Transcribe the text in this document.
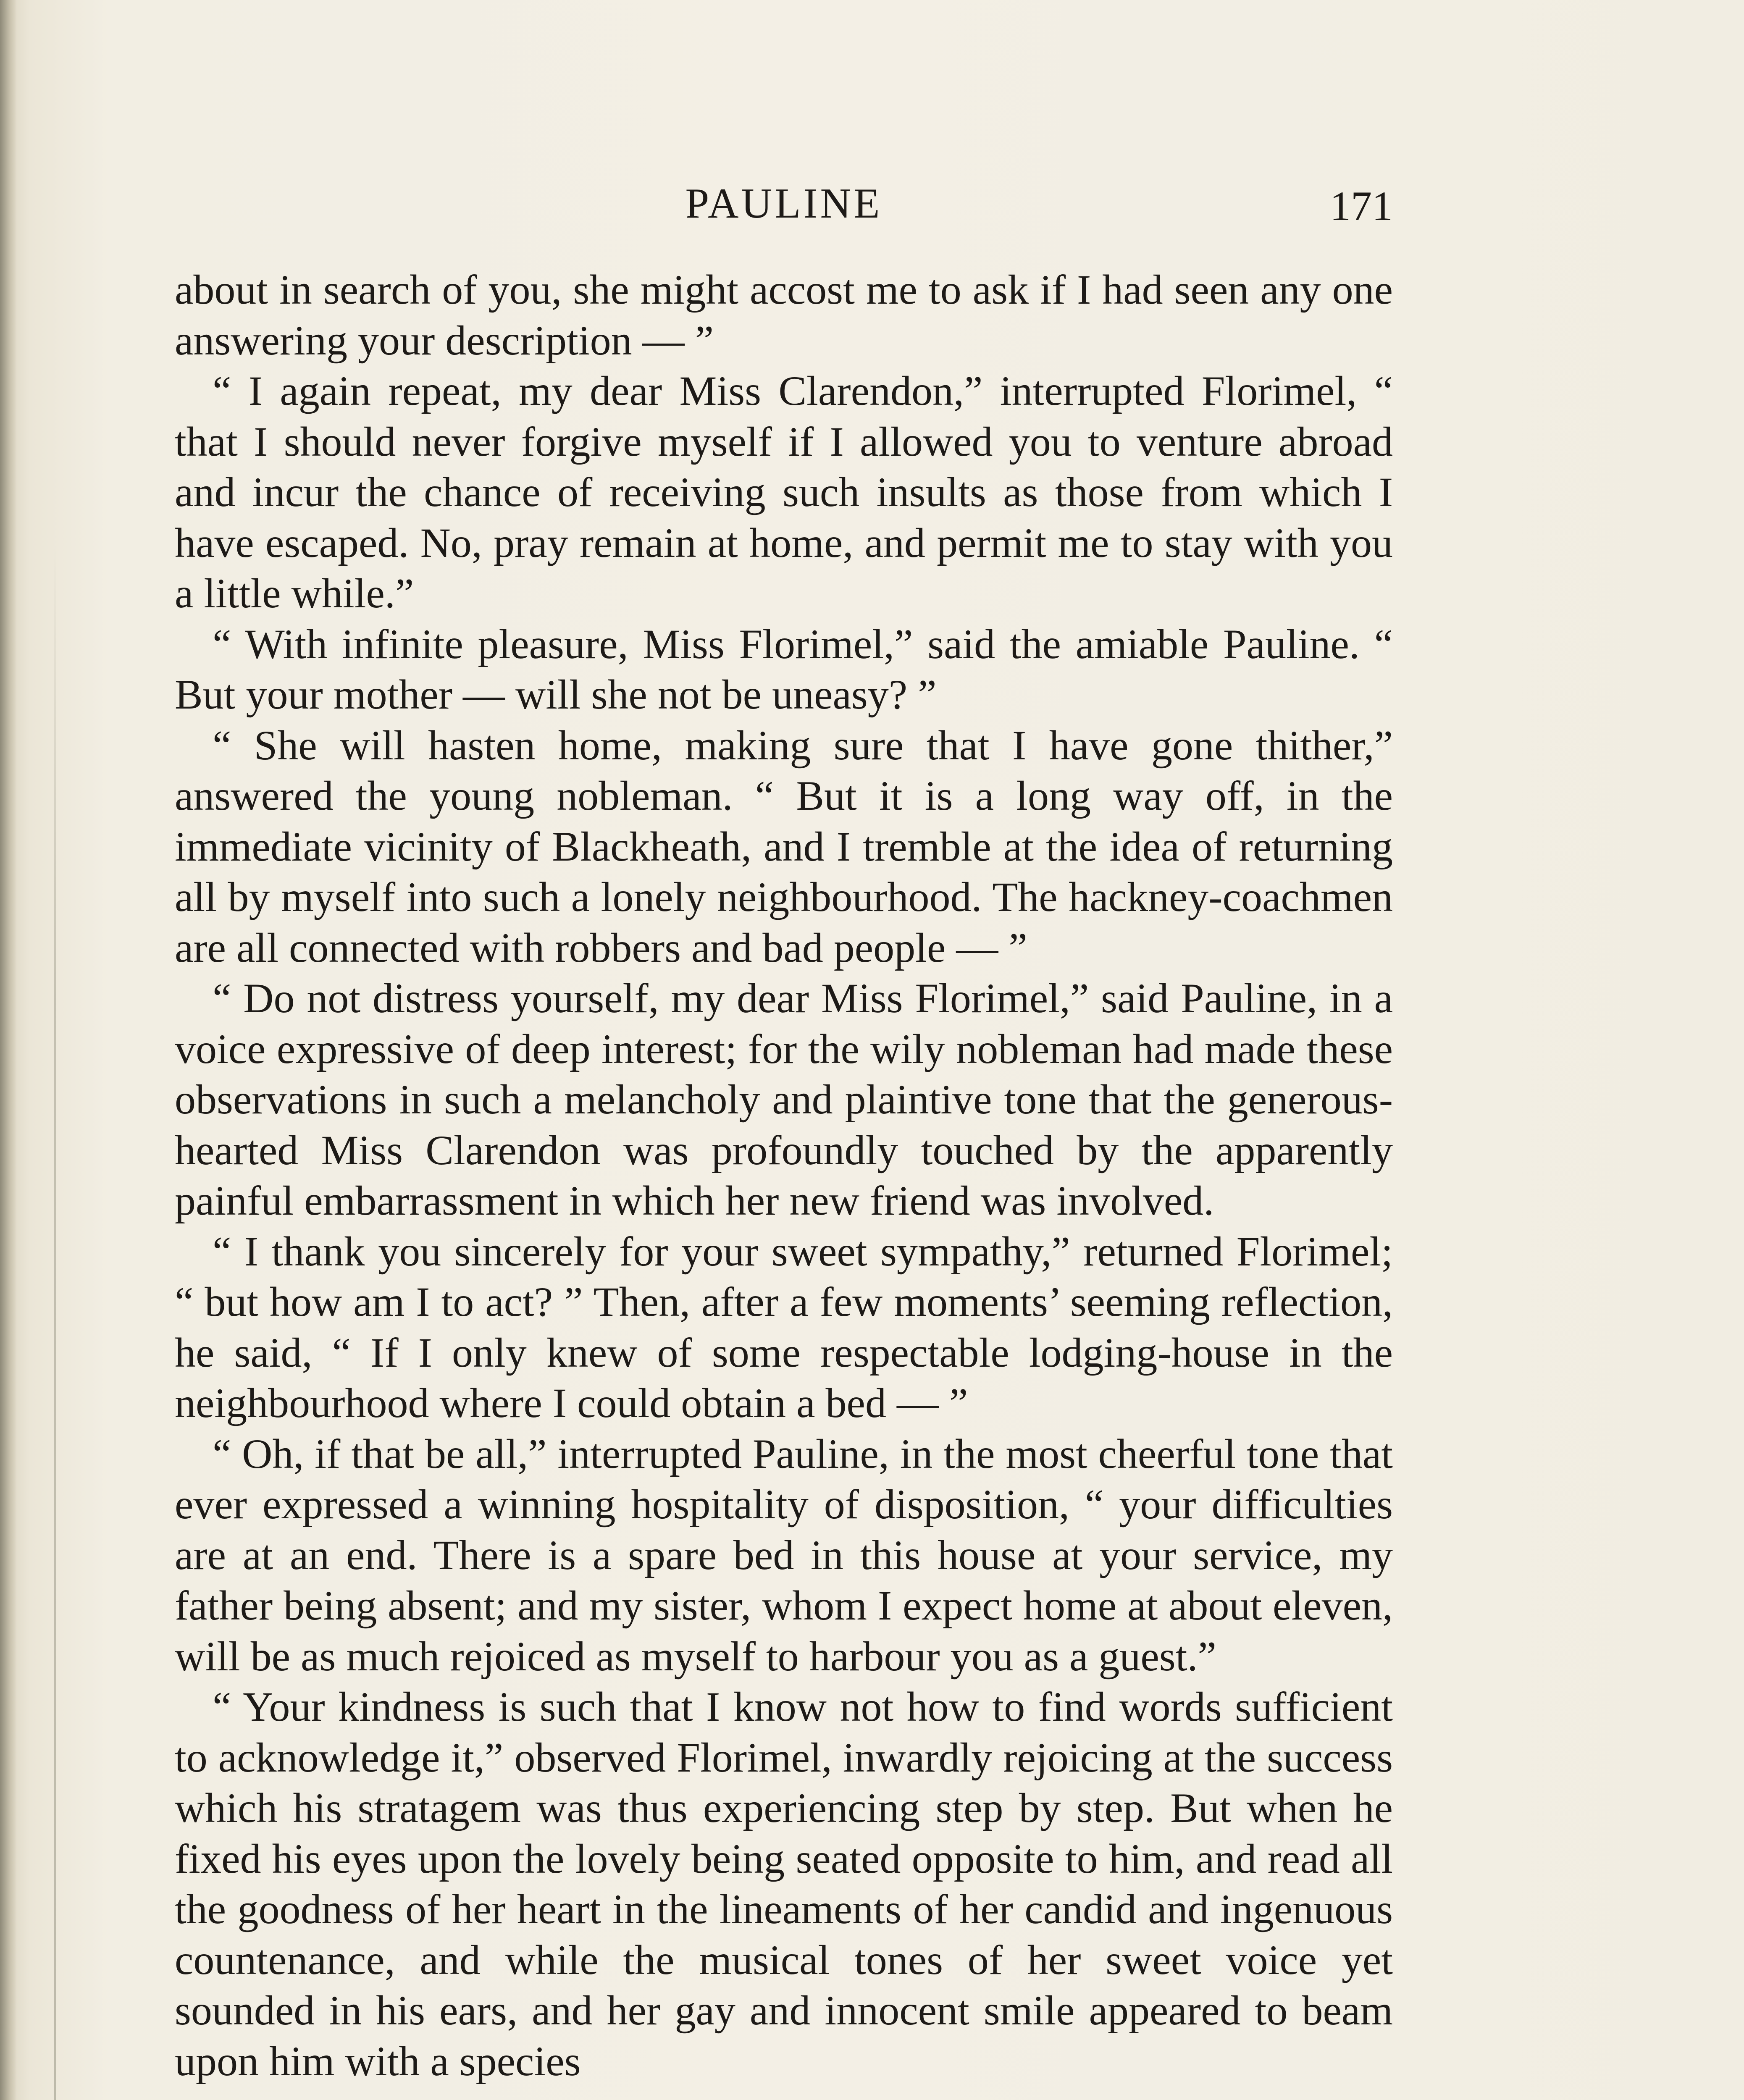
PAULINE	171

about in search of you, she might accost me to ask if I had seen any one answering your description — ”

“ I again repeat, my dear Miss Clarendon,” interrupted Florimel, “ that I should never forgive myself if I allowed you to venture abroad and incur the chance of receiving such insults as those from which I have escaped. No, pray remain at home, and permit me to stay with you a little while.”

“ With infinite pleasure, Miss Florimel,” said the amiable Pauline. “ But your mother — will she not be uneasy? ”

“ She will hasten home, making sure that I have gone thither,” answered the young nobleman. “ But it is a long way off, in the immediate vicinity of Blackheath, and I tremble at the idea of returning all by myself into such a lonely neighbourhood. The hackney-coachmen are all connected with robbers and bad people — ”

“ Do not distress yourself, my dear Miss Florimel,” said Pauline, in a voice expressive of deep interest; for the wily nobleman had made these observations in such a melancholy and plaintive tone that the generous-hearted Miss Clarendon was profoundly touched by the apparently painful embarrassment in which her new friend was involved.

“ I thank you sincerely for your sweet sympathy,” returned Florimel; “ but how am I to act? ” Then, after a few moments’ seeming reflection, he said, “ If I only knew of some respectable lodging-house in the neighbourhood where I could obtain a bed — ”

“ Oh, if that be all,” interrupted Pauline, in the most cheerful tone that ever expressed a winning hospitality of disposition, “ your difficulties are at an end. There is a spare bed in this house at your service, my father being absent; and my sister, whom I expect home at about eleven, will be as much rejoiced as myself to harbour you as a guest.”

“ Your kindness is such that I know not how to find words sufficient to acknowledge it,” observed Florimel, inwardly rejoicing at the success which his stratagem was thus experiencing step by step. But when he fixed his eyes upon the lovely being seated opposite to him, and read all the goodness of her heart in the lineaments of her candid and ingenuous countenance, and while the musical tones of her sweet voice yet sounded in his ears, and her gay and innocent smile appeared to beam upon him with a species
